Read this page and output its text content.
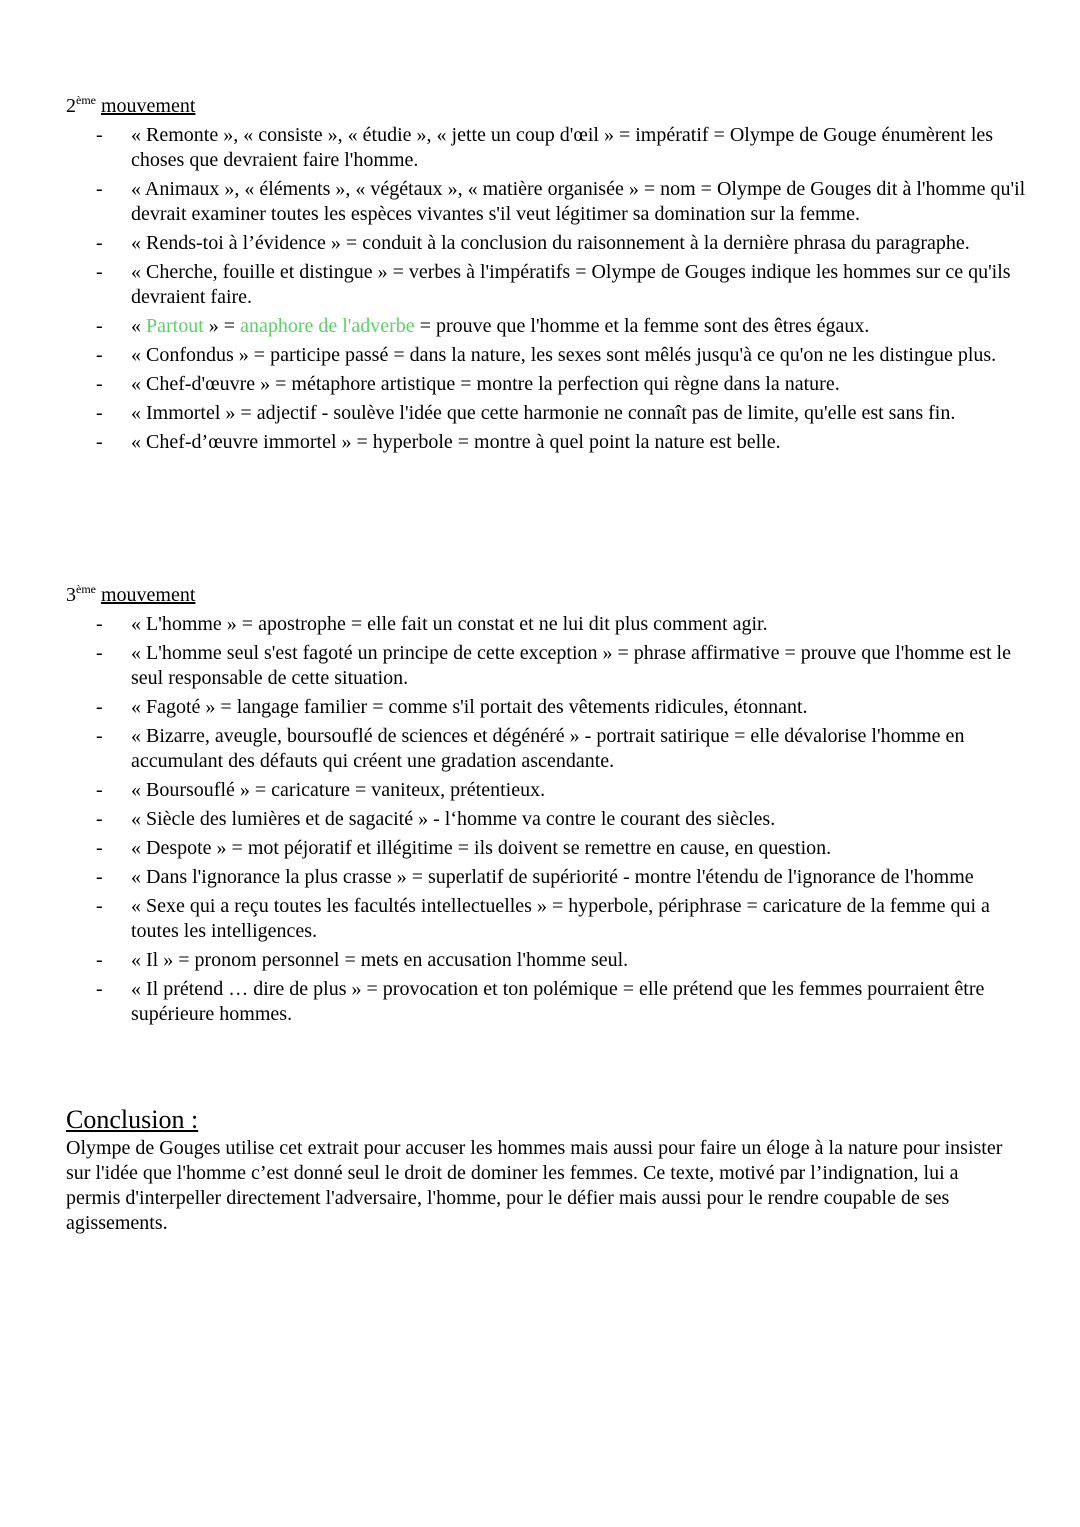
2ème mouvement
- « Remonte », « consiste », « étudie », « jette un coup d'œil » = impératif = Olympe de Gouge énumèrent les choses que devraient faire l'homme.
- « Animaux », « éléments », « végétaux », « matière organisée » = nom = Olympe de Gouges dit à l'homme qu'il devrait examiner toutes les espèces vivantes s'il veut légitimer sa domination sur la femme.
- « Rends-toi à l’évidence » = conduit à la conclusion du raisonnement à la dernière phrasa du paragraphe.
- « Cherche, fouille et distingue » = verbes à l'impératifs = Olympe de Gouges indique les hommes sur ce qu'ils devraient faire.
- « Partout » = anaphore de l'adverbe = prouve que l'homme et la femme sont des êtres égaux.
- « Confondus » = participe passé = dans la nature, les sexes sont mêlés jusqu'à ce qu'on ne les distingue plus.
- « Chef-d'œuvre » = métaphore artistique = montre la perfection qui règne dans la nature.
- « Immortel » = adjectif - soulève l'idée que cette harmonie ne connaît pas de limite, qu'elle est sans fin.
- « Chef-d’œuvre immortel » = hyperbole = montre à quel point la nature est belle.
3ème mouvement
- « L'homme » = apostrophe = elle fait un constat et ne lui dit plus comment agir.
- « L'homme seul s'est fagoté un principe de cette exception » = phrase affirmative = prouve que l'homme est le seul responsable de cette situation.
- « Fagoté » = langage familier = comme s'il portait des vêtements ridicules, étonnant.
- « Bizarre, aveugle, boursouflé de sciences et dégénéré » - portrait satirique = elle dévalorise l'homme en accumulant des défauts qui créent une gradation ascendante.
- « Boursouflé » = caricature = vaniteux, prétentieux.
- « Siècle des lumières et de sagacité » - l‘homme va contre le courant des siècles.
- « Despote » = mot péjoratif et illégitime = ils doivent se remettre en cause, en question.
- « Dans l'ignorance la plus crasse » = superlatif de supériorité - montre l'étendu de l'ignorance de l'homme
- « Sexe qui a reçu toutes les facultés intellectuelles » = hyperbole, périphrase = caricature de la femme qui a toutes les intelligences.
- « Il » = pronom personnel = mets en accusation l'homme seul.
- « Il prétend … dire de plus » = provocation et ton polémique = elle prétend que les femmes pourraient être supérieure hommes.
Conclusion :

Olympe de Gouges utilise cet extrait pour accuser les hommes mais aussi pour faire un éloge à la nature pour insister sur l'idée que l'homme c’est donné seul le droit de dominer les femmes. Ce texte, motivé par l’indignation, lui a permis d'interpeller directement l'adversaire, l'homme, pour le défier mais aussi pour le rendre coupable de ses agissements.
